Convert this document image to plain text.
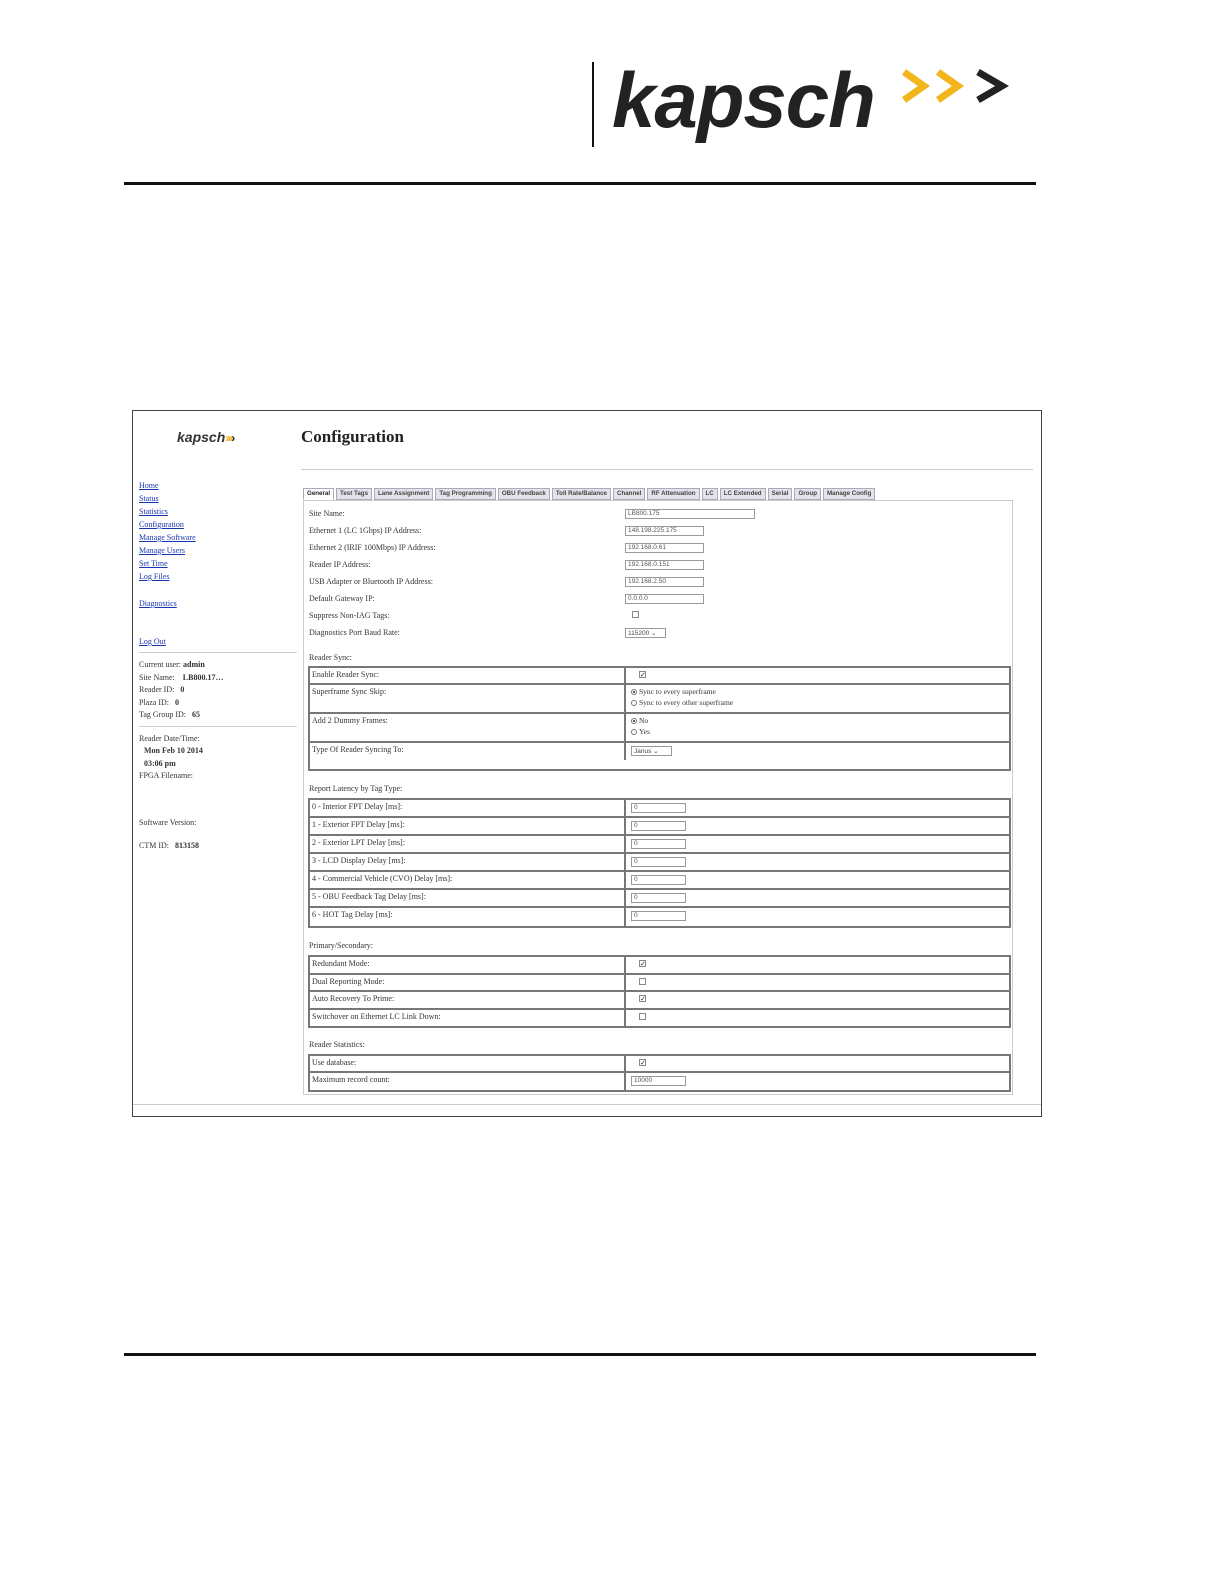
kapsch
kapsch››››	Configuration
Home
Status
Statistics
Configuration
Manage Software
Manage Users
Set Time
Log Files
Diagnostics
Log Out
Current user: admin
Site Name: LB800.17…
Reader ID: 0
Plaza ID: 0
Tag Group ID: 65
Reader Date/Time:
Mon Feb 10 2014
03:06 pm
FPGA Filename:
Software Version:
CTM ID: 813158
General	Test Tags	Lane Assignment	Tag Programming	OBU Feedback	Toll Rate/Balance	Channel	RF Attenuation	LC	LC Extended	Serial	Group	Manage Config
Site Name:
LB800.175
Ethernet 1 (LC 1Gbps) IP Address:
148.198.225.175
Ethernet 2 (IRIF 100Mbps) IP Address:
192.168.0.61
Reader IP Address:
192.168.0.151
USB Adapter or Bluetooth IP Address:
192.168.2.50
Default Gateway IP:
0.0.0.0
Suppress Non-IAG Tags:
Diagnostics Port Baud Rate:	115200 ⌄
Reader Sync:
Enable Reader Sync:	✓
Superframe Sync Skip:	Sync to every superframe
Sync to every other superframe
Add 2 Dummy Frames:	No
Yes
Type Of Reader Syncing To:	Janus ⌄
Report Latency by Tag Type:
0 - Interior FPT Delay [ms]:
0
1 - Exterior FPT Delay [ms]:
0
2 - Exterior LPT Delay [ms]:
0
3 - LCD Display Delay [ms]:
0
4 - Commercial Vehicle (CVO) Delay [ms]:
0
5 - OBU Feedback Tag Delay [ms]:
0
6 - HOT Tag Delay [ms]:
0
Primary/Secondary:
Redundant Mode:	✓
Dual Reporting Mode:
Auto Recovery To Prime:	✓
Switchover on Ethernet LC Link Down:
Reader Statistics:
Use database:	✓
Maximum record count:
10000
